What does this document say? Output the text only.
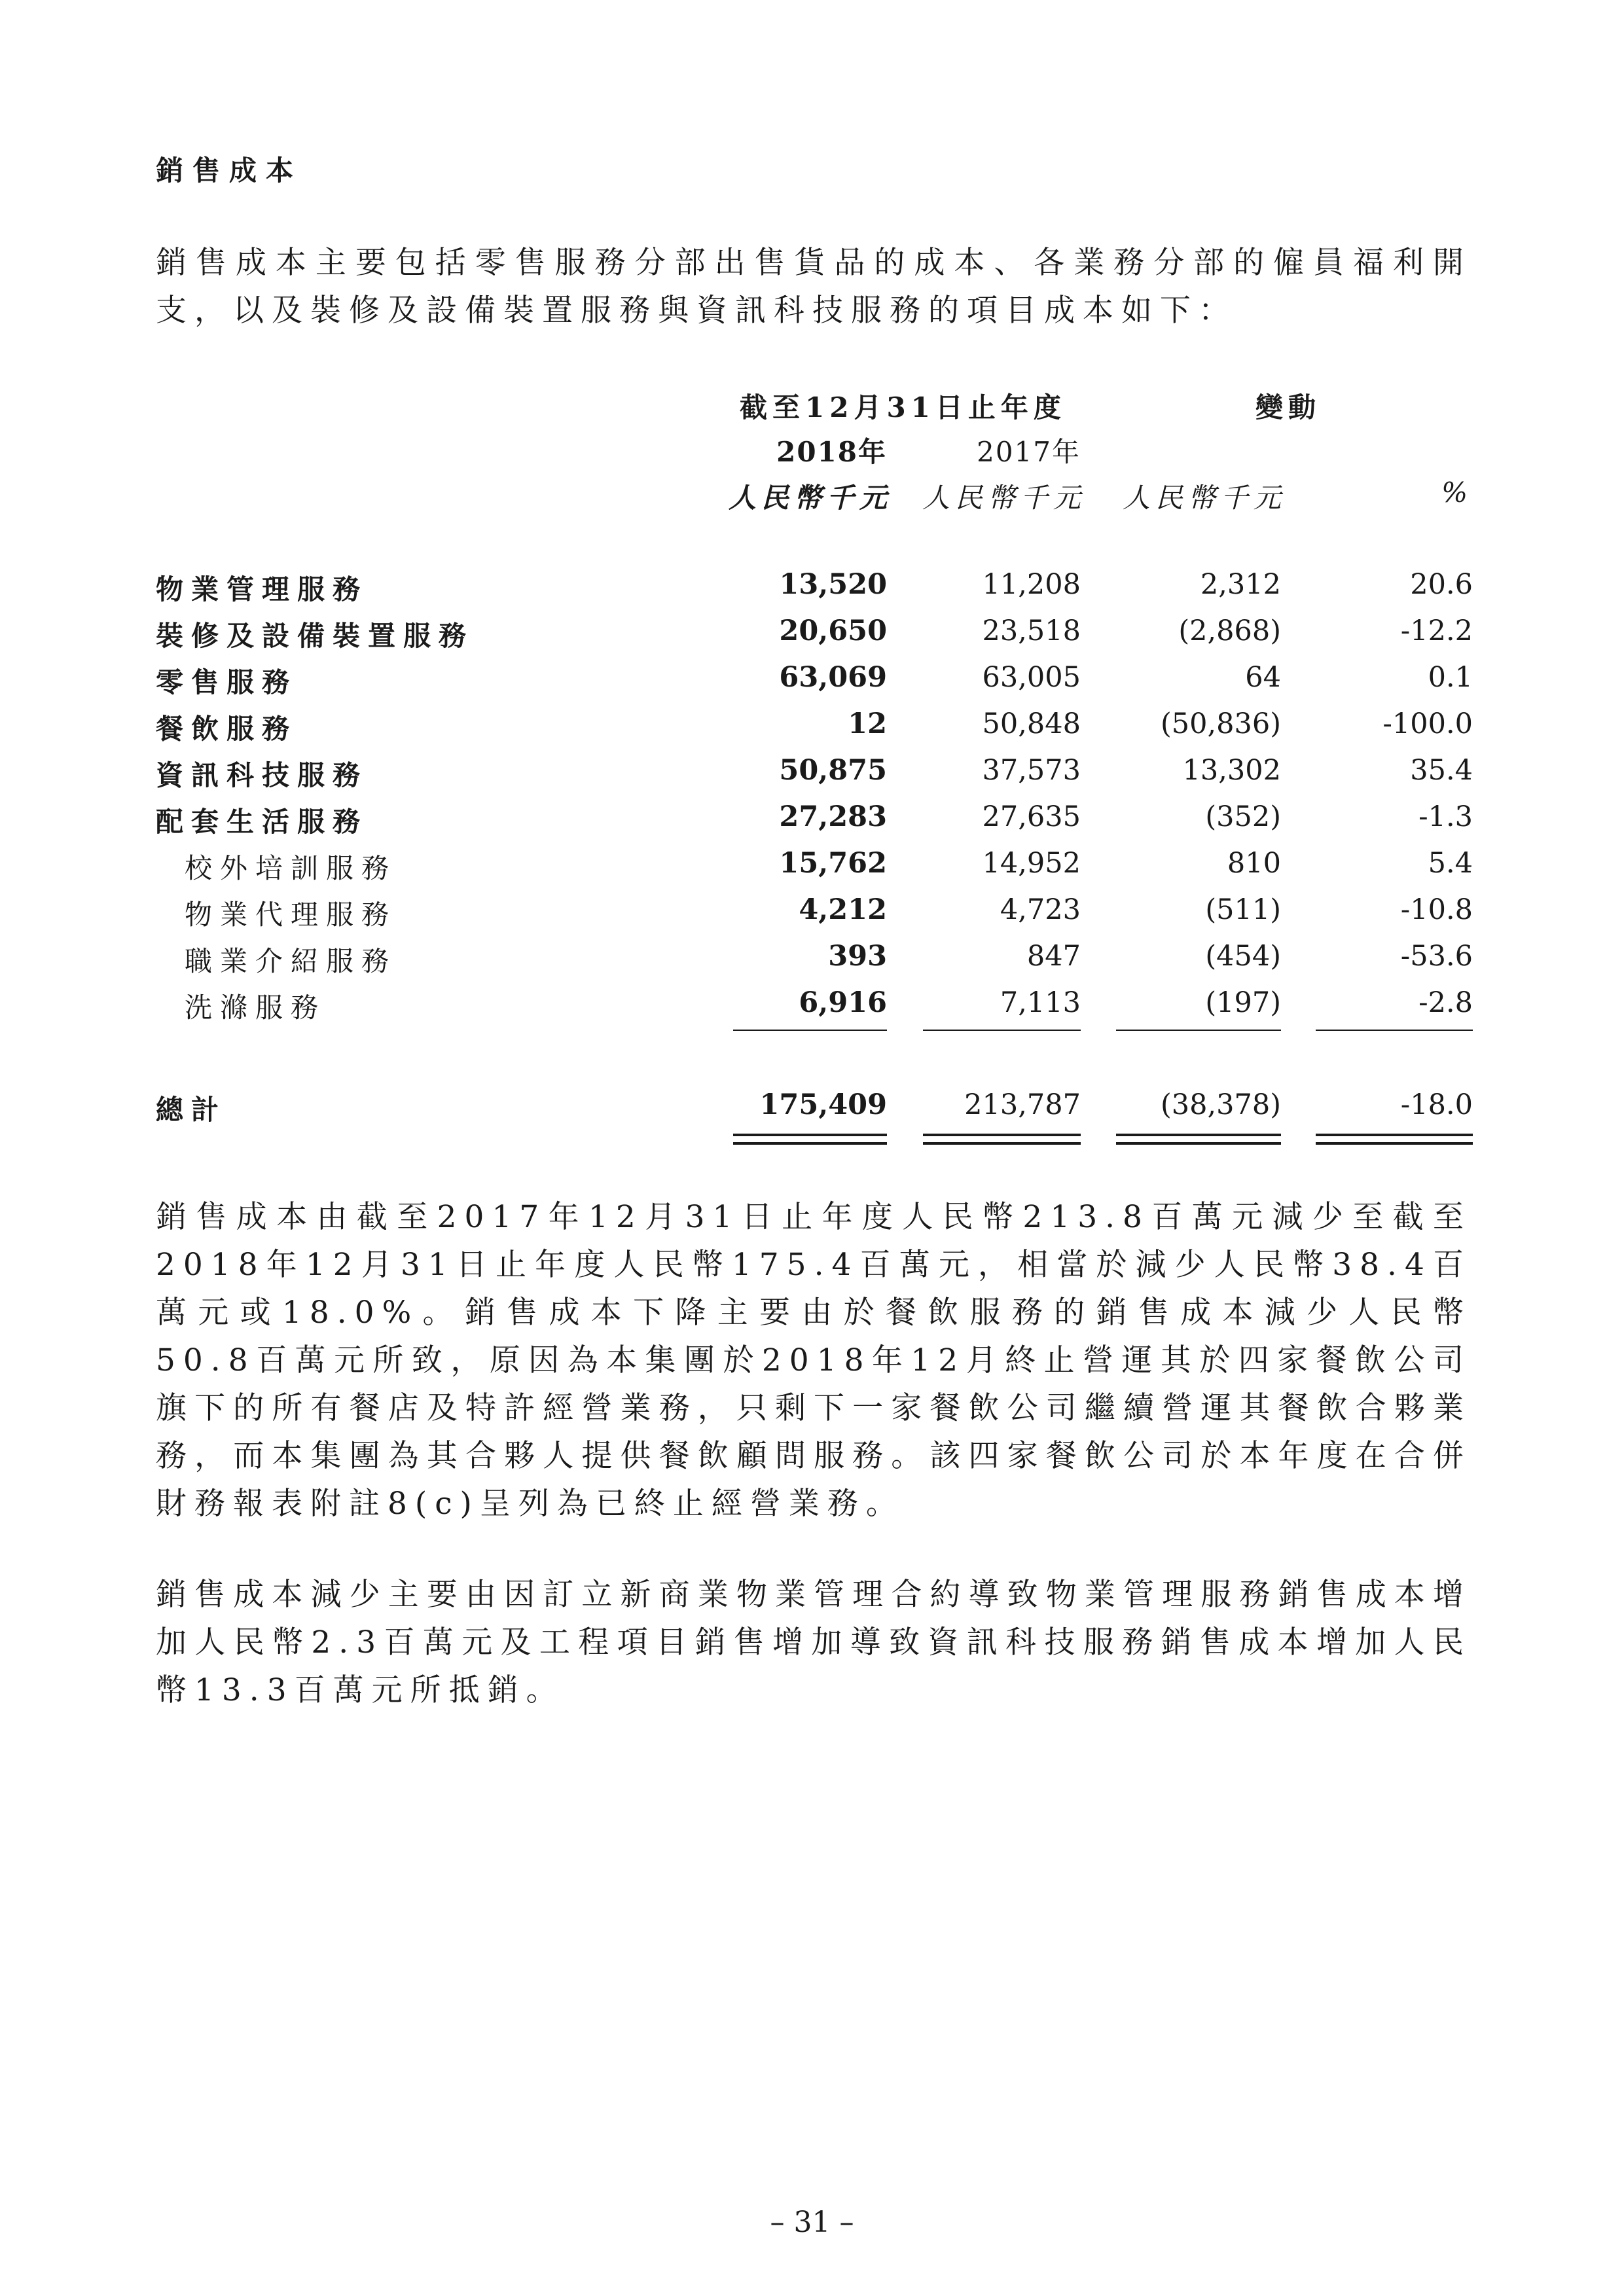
銷售成本
銷售成本主要包括零售服務分部出售貨品的成本、各業務分部的僱員福利開支，以及裝修及設備裝置服務與資訊科技服務的項目成本如下：
截至12月31日止年度	變動
2018年	2017年
人民幣千元 人民幣千元 人民幣千元	%
物業管理服務	13,520	11,208	2,312	20.6
裝修及設備裝置服務	20,650	23,518	(2,868)	-12.2
零售服務	63,069	63,005	64	0.1
餐飲服務	12	50,848	(50,836)	-100.0
資訊科技服務	50,875	37,573	13,302	35.4
配套生活服務	27,283	27,635	(352)	-1.3
校外培訓服務	15,762	14,952	810	5.4
物業代理服務	4,212	4,723	(511)	-10.8
職業介紹服務	393	847	(454)	-53.6
洗滌服務	6,916	7,113	(197)	-2.8
總計	175,409	213,787	(38,378)	-18.0
銷售成本由截至2017年12月31日止年度人民幣213.8百萬元減少至截至2018年12月31日止年度人民幣175.4百萬元，相當於減少人民幣38.4百萬元或18.0%。銷售成本下降主要由於餐飲服務的銷售成本減少人民幣50.8百萬元所致，原因為本集團於2018年12月終止營運其於四家餐飲公司旗下的所有餐店及特許經營業務，只剩下一家餐飲公司繼續營運其餐飲合夥業務，而本集團為其合夥人提供餐飲顧問服務。該四家餐飲公司於本年度在合併財務報表附註8(c)呈列為已終止經營業務。
銷售成本減少主要由因訂立新商業物業管理合約導致物業管理服務銷售成本增加人民幣2.3百萬元及工程項目銷售增加導致資訊科技服務銷售成本增加人民幣13.3百萬元所抵銷。
– 31 –
